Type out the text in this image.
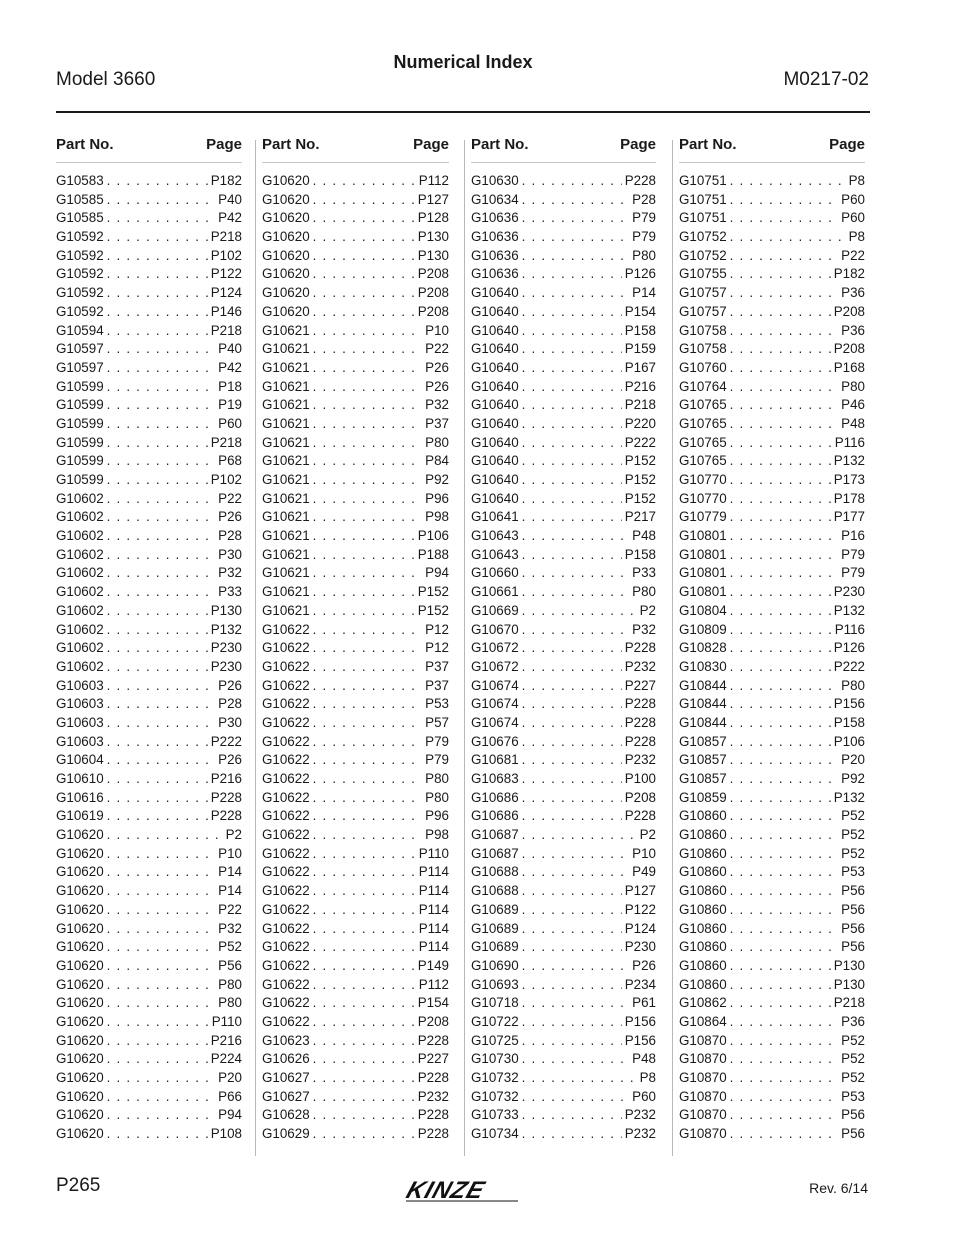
Numerical Index
Model 3660	M0217-02
Part No.	Page
G10583 . . .	P182
G10585 . . .	P40
G10585 . . .	P42
G10592 . . .	P218
G10592 . . .	P102
G10592 . . .	P122
G10592 . . .	P124
G10592 . . .	P146
G10594 . . .	P218
G10597 . . .	P40
G10597 . . .	P42
G10599 . . .	P18
G10599 . . .	P19
G10599 . . .	P60
G10599 . . .	P218
G10599 . . .	P68
G10599 . . .	P102
G10602 . . .	P22
G10602 . . .	P26
G10602 . . .	P28
G10602 . . .	P30
G10602 . . .	P32
G10602 . . .	P33
G10602 . . .	P130
G10602 . . .	P132
G10602 . . .	P230
G10602 . . .	P230
G10603 . . .	P26
G10603 . . .	P28
G10603 . . .	P30
G10603 . . .	P222
G10604 . . .	P26
G10610 . . .	P216
G10616 . . .	P228
G10619 . . .	P228
G10620 . . .	P2
G10620 . . .	P10
G10620 . . .	P14
G10620 . . .	P14
G10620 . . .	P22
G10620 . . .	P32
G10620 . . .	P52
G10620 . . .	P56
G10620 . . .	P80
G10620 . . .	P80
G10620 . . .	P110
G10620 . . .	P216
G10620 . . .	P224
G10620 . . .	P20
G10620 . . .	P66
G10620 . . .	P94
G10620 . . .	P108
Part No.	Page
G10620 . . .	P112
G10620 . . .	P127
G10620 . . .	P128
G10620 . . .	P130
G10620 . . .	P130
G10620 . . .	P208
G10620 . . .	P208
G10620 . . .	P208
G10621 . . .	P10
G10621 . . .	P22
G10621 . . .	P26
G10621 . . .	P26
G10621 . . .	P32
G10621 . . .	P37
G10621 . . .	P80
G10621 . . .	P84
G10621 . . .	P92
G10621 . . .	P96
G10621 . . .	P98
G10621 . . .	P106
G10621 . . .	P188
G10621 . . .	P94
G10621 . . .	P152
G10621 . . .	P152
G10622 . . .	P12
G10622 . . .	P12
G10622 . . .	P37
G10622 . . .	P37
G10622 . . .	P53
G10622 . . .	P57
G10622 . . .	P79
G10622 . . .	P79
G10622 . . .	P80
G10622 . . .	P80
G10622 . . .	P96
G10622 . . .	P98
G10622 . . .	P110
G10622 . . .	P114
G10622 . . .	P114
G10622 . . .	P114
G10622 . . .	P114
G10622 . . .	P114
G10622 . . .	P149
G10622 . . .	P112
G10622 . . .	P154
G10622 . . .	P208
G10623 . . .	P228
G10626 . . .	P227
G10627 . . .	P228
G10627 . . .	P232
G10628 . . .	P228
G10629 . . .	P228
Part No.	Page
G10630 . . .	P228
G10634 . . .	P28
G10636 . . .	P79
G10636 . . .	P79
G10636 . . .	P80
G10636 . . .	P126
G10640 . . .	P14
G10640 . . .	P154
G10640 . . .	P158
G10640 . . .	P159
G10640 . . .	P167
G10640 . . .	P216
G10640 . . .	P218
G10640 . . .	P220
G10640 . . .	P222
G10640 . . .	P152
G10640 . . .	P152
G10640 . . .	P152
G10641 . . .	P217
G10643 . . .	P48
G10643 . . .	P158
G10660 . . .	P33
G10661 . . .	P80
G10669 . . .	P2
G10670 . . .	P32
G10672 . . .	P228
G10672 . . .	P232
G10674 . . .	P227
G10674 . . .	P228
G10674 . . .	P228
G10676 . . .	P228
G10681 . . .	P232
G10683 . . .	P100
G10686 . . .	P208
G10686 . . .	P228
G10687 . . .	P2
G10687 . . .	P10
G10688 . . .	P49
G10688 . . .	P127
G10689 . . .	P122
G10689 . . .	P124
G10689 . . .	P230
G10690 . . .	P26
G10693 . . .	P234
G10718 . . .	P61
G10722 . . .	P156
G10725 . . .	P156
G10730 . . .	P48
G10732 . . .	P8
G10732 . . .	P60
G10733 . . .	P232
G10734 . . .	P232
Part No.	Page
G10751 . . .	P8
G10751 . . .	P60
G10751 . . .	P60
G10752 . . .	P8
G10752 . . .	P22
G10755 . . .	P182
G10757 . . .	P36
G10757 . . .	P208
G10758 . . .	P36
G10758 . . .	P208
G10760 . . .	P168
G10764 . . .	P80
G10765 . . .	P46
G10765 . . .	P48
G10765 . . .	P116
G10765 . . .	P132
G10770 . . .	P173
G10770 . . .	P178
G10779 . . .	P177
G10801 . . .	P16
G10801 . . .	P79
G10801 . . .	P79
G10801 . . .	P230
G10804 . . .	P132
G10809 . . .	P116
G10828 . . .	P126
G10830 . . .	P222
G10844 . . .	P80
G10844 . . .	P156
G10844 . . .	P158
G10857 . . .	P106
G10857 . . .	P20
G10857 . . .	P92
G10859 . . .	P132
G10860 . . .	P52
G10860 . . .	P52
G10860 . . .	P52
G10860 . . .	P53
G10860 . . .	P56
G10860 . . .	P56
G10860 . . .	P56
G10860 . . .	P56
G10860 . . .	P130
G10860 . . .	P130
G10862 . . .	P218
G10864 . . .	P36
G10870 . . .	P52
G10870 . . .	P52
G10870 . . .	P52
G10870 . . .	P53
G10870 . . .	P56
G10870 . . .	P56
P265	KINZE	Rev. 6/14
